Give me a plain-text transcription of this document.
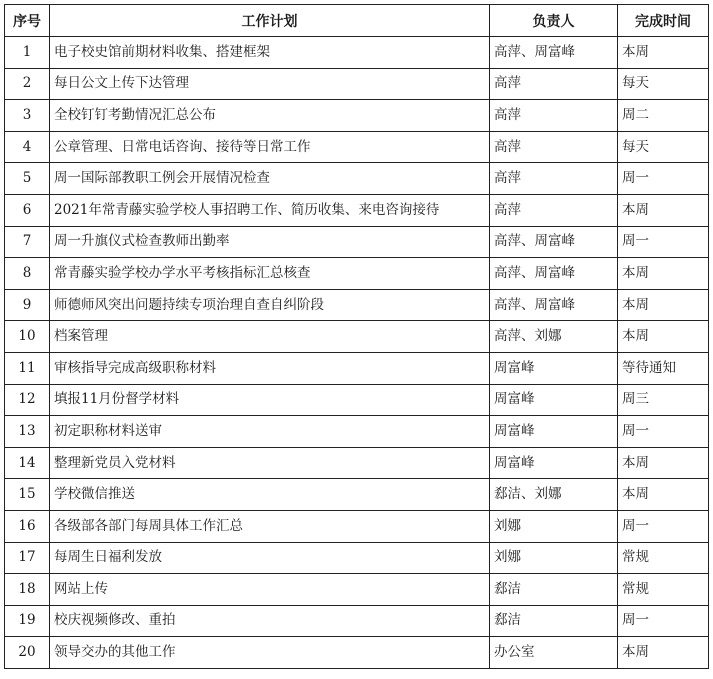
序号	工作计划	负责人	完成时间
1	电子校史馆前期材料收集、搭建框架	高萍、周富峰	本周
2	每日公文上传下达管理	高萍	每天
3	全校钉钉考勤情况汇总公布	高萍	周二
4	公章管理、日常电话咨询、接待等日常工作	高萍	每天
5	周一国际部教职工例会开展情况检查	高萍	周一
6	2021年常青藤实验学校人事招聘工作、简历收集、来电咨询接待	高萍	本周
7	周一升旗仪式检查教师出勤率	高萍、周富峰	周一
8	常青藤实验学校办学水平考核指标汇总核查	高萍、周富峰	本周
9	师德师风突出问题持续专项治理自查自纠阶段	高萍、周富峰	本周
10	档案管理	高萍、刘娜	本周
11	审核指导完成高级职称材料	周富峰	等待通知
12	填报11月份督学材料	周富峰	周三
13	初定职称材料送审	周富峰	周一
14	整理新党员入党材料	周富峰	本周
15	学校微信推送	郄洁、刘娜	本周
16	各级部各部门每周具体工作汇总	刘娜	周一
17	每周生日福利发放	刘娜	常规
18	网站上传	郄洁	常规
19	校庆视频修改、重拍	郄洁	周一
20	领导交办的其他工作	办公室	本周
